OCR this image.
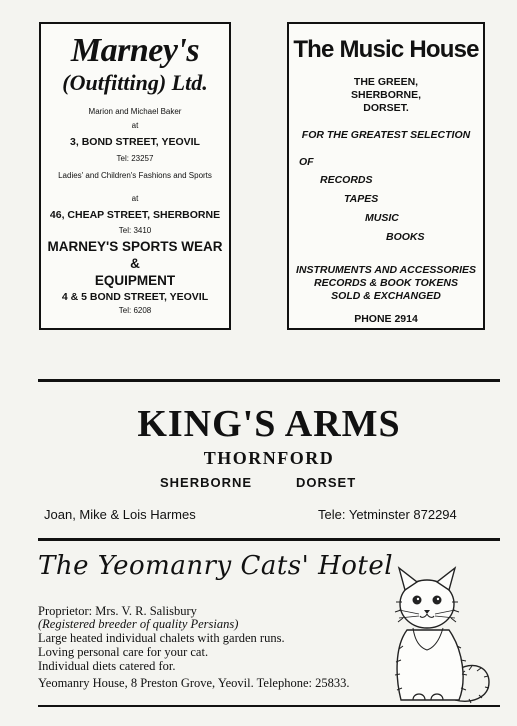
Marney's
(Outfitting) Ltd.
Marion and Michael Baker
at
3, BOND STREET, YEOVIL
Tel: 23257
Ladies' and Children's Fashions and Sports
at
46, CHEAP STREET, SHERBORNE
Tel: 3410
MARNEY'S SPORTS WEAR
&
EQUIPMENT
4 & 5 BOND STREET, YEOVIL
Tel: 6208
The Music House
THE GREEN,
SHERBORNE,
DORSET.
FOR THE GREATEST SELECTION
OF
RECORDS
TAPES
MUSIC
BOOKS
INSTRUMENTS AND ACCESSORIES
RECORDS & BOOK TOKENS
SOLD & EXCHANGED
PHONE 2914
KING'S ARMS
THORNFORD
SHERBORNE	DORSET
Joan, Mike & Lois Harmes	Tele: Yetminster 872294
The Yeomanry Cats' Hotel
Proprietor: Mrs. V. R. Salisbury
(Registered breeder of quality Persians)
Large heated individual chalets with garden runs.
Loving personal care for your cat.
Individual diets catered for.
Yeomanry House, 8 Preston Grove, Yeovil. Telephone: 25833.
